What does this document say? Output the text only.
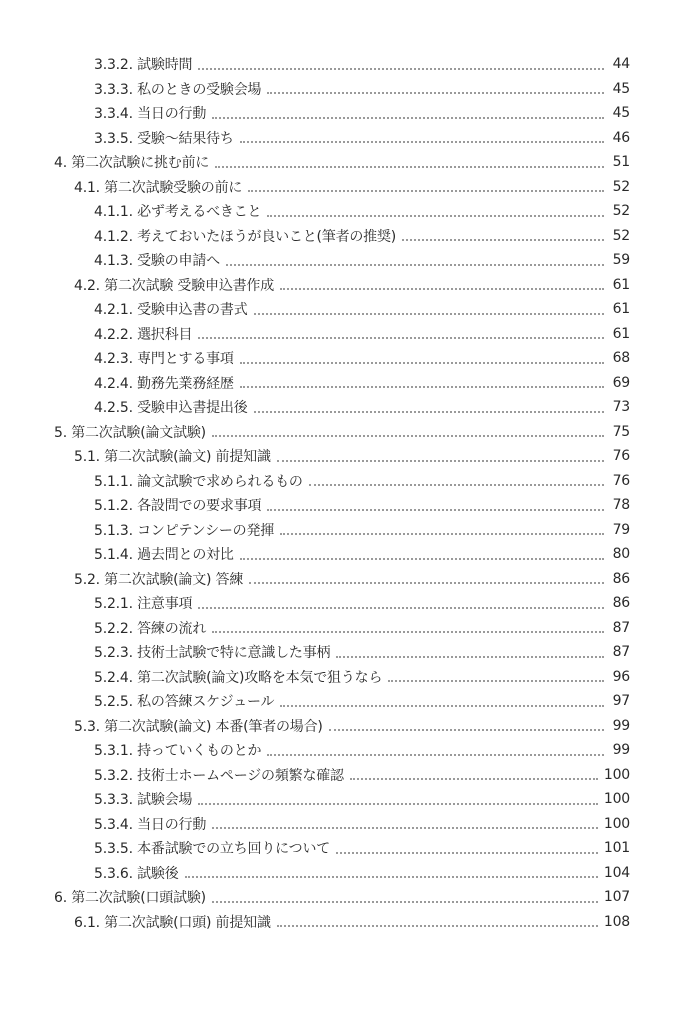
3.3.2. 試験時間	44
3.3.3. 私のときの受験会場	45
3.3.4. 当日の行動	45
3.3.5. 受験〜結果待ち	46
4. 第二次試験に挑む前に	51
4.1. 第二次試験受験の前に	52
4.1.1. 必ず考えるべきこと	52
4.1.2. 考えておいたほうが良いこと(筆者の推奨)	52
4.1.3. 受験の申請へ	59
4.2. 第二次試験 受験申込書作成	61
4.2.1. 受験申込書の書式	61
4.2.2. 選択科目	61
4.2.3. 専門とする事項	68
4.2.4. 勤務先業務経歴	69
4.2.5. 受験申込書提出後	73
5. 第二次試験(論文試験)	75
5.1. 第二次試験(論文) 前提知識	76
5.1.1. 論文試験で求められるもの	76
5.1.2. 各設問での要求事項	78
5.1.3. コンピテンシーの発揮	79
5.1.4. 過去問との対比	80
5.2. 第二次試験(論文) 答練	86
5.2.1. 注意事項	86
5.2.2. 答練の流れ	87
5.2.3. 技術士試験で特に意識した事柄	87
5.2.4. 第二次試験(論文)攻略を本気で狙うなら	96
5.2.5. 私の答練スケジュール	97
5.3. 第二次試験(論文) 本番(筆者の場合)	99
5.3.1. 持っていくものとか	99
5.3.2. 技術士ホームページの頻繁な確認	100
5.3.3. 試験会場	100
5.3.4. 当日の行動	100
5.3.5. 本番試験での立ち回りについて	101
5.3.6. 試験後	104
6. 第二次試験(口頭試験)	107
6.1. 第二次試験(口頭) 前提知識	108
